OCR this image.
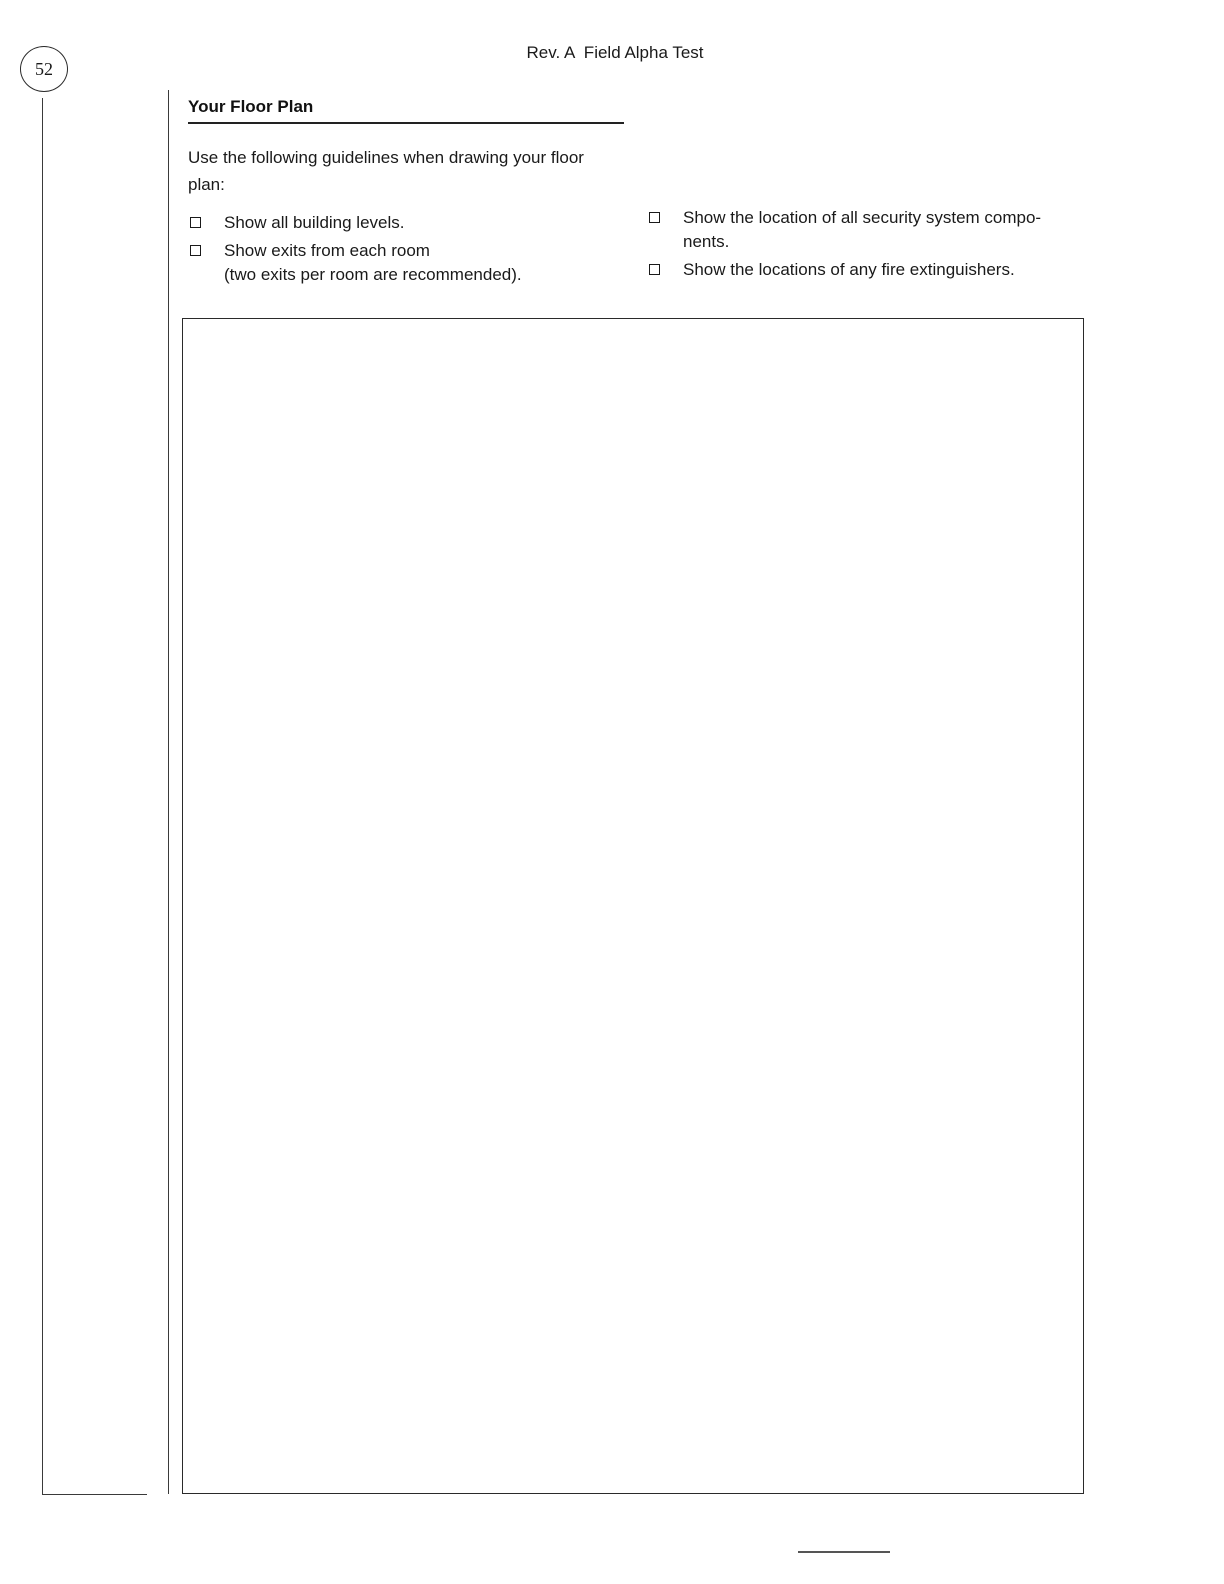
52
Rev. A  Field Alpha Test
Your Floor Plan
Use the following guidelines when drawing your floor plan:
Show all building levels.
Show exits from each room
(two exits per room are recommended).
Show the location of all security system compo-
nents.
Show the locations of any fire extinguishers.
